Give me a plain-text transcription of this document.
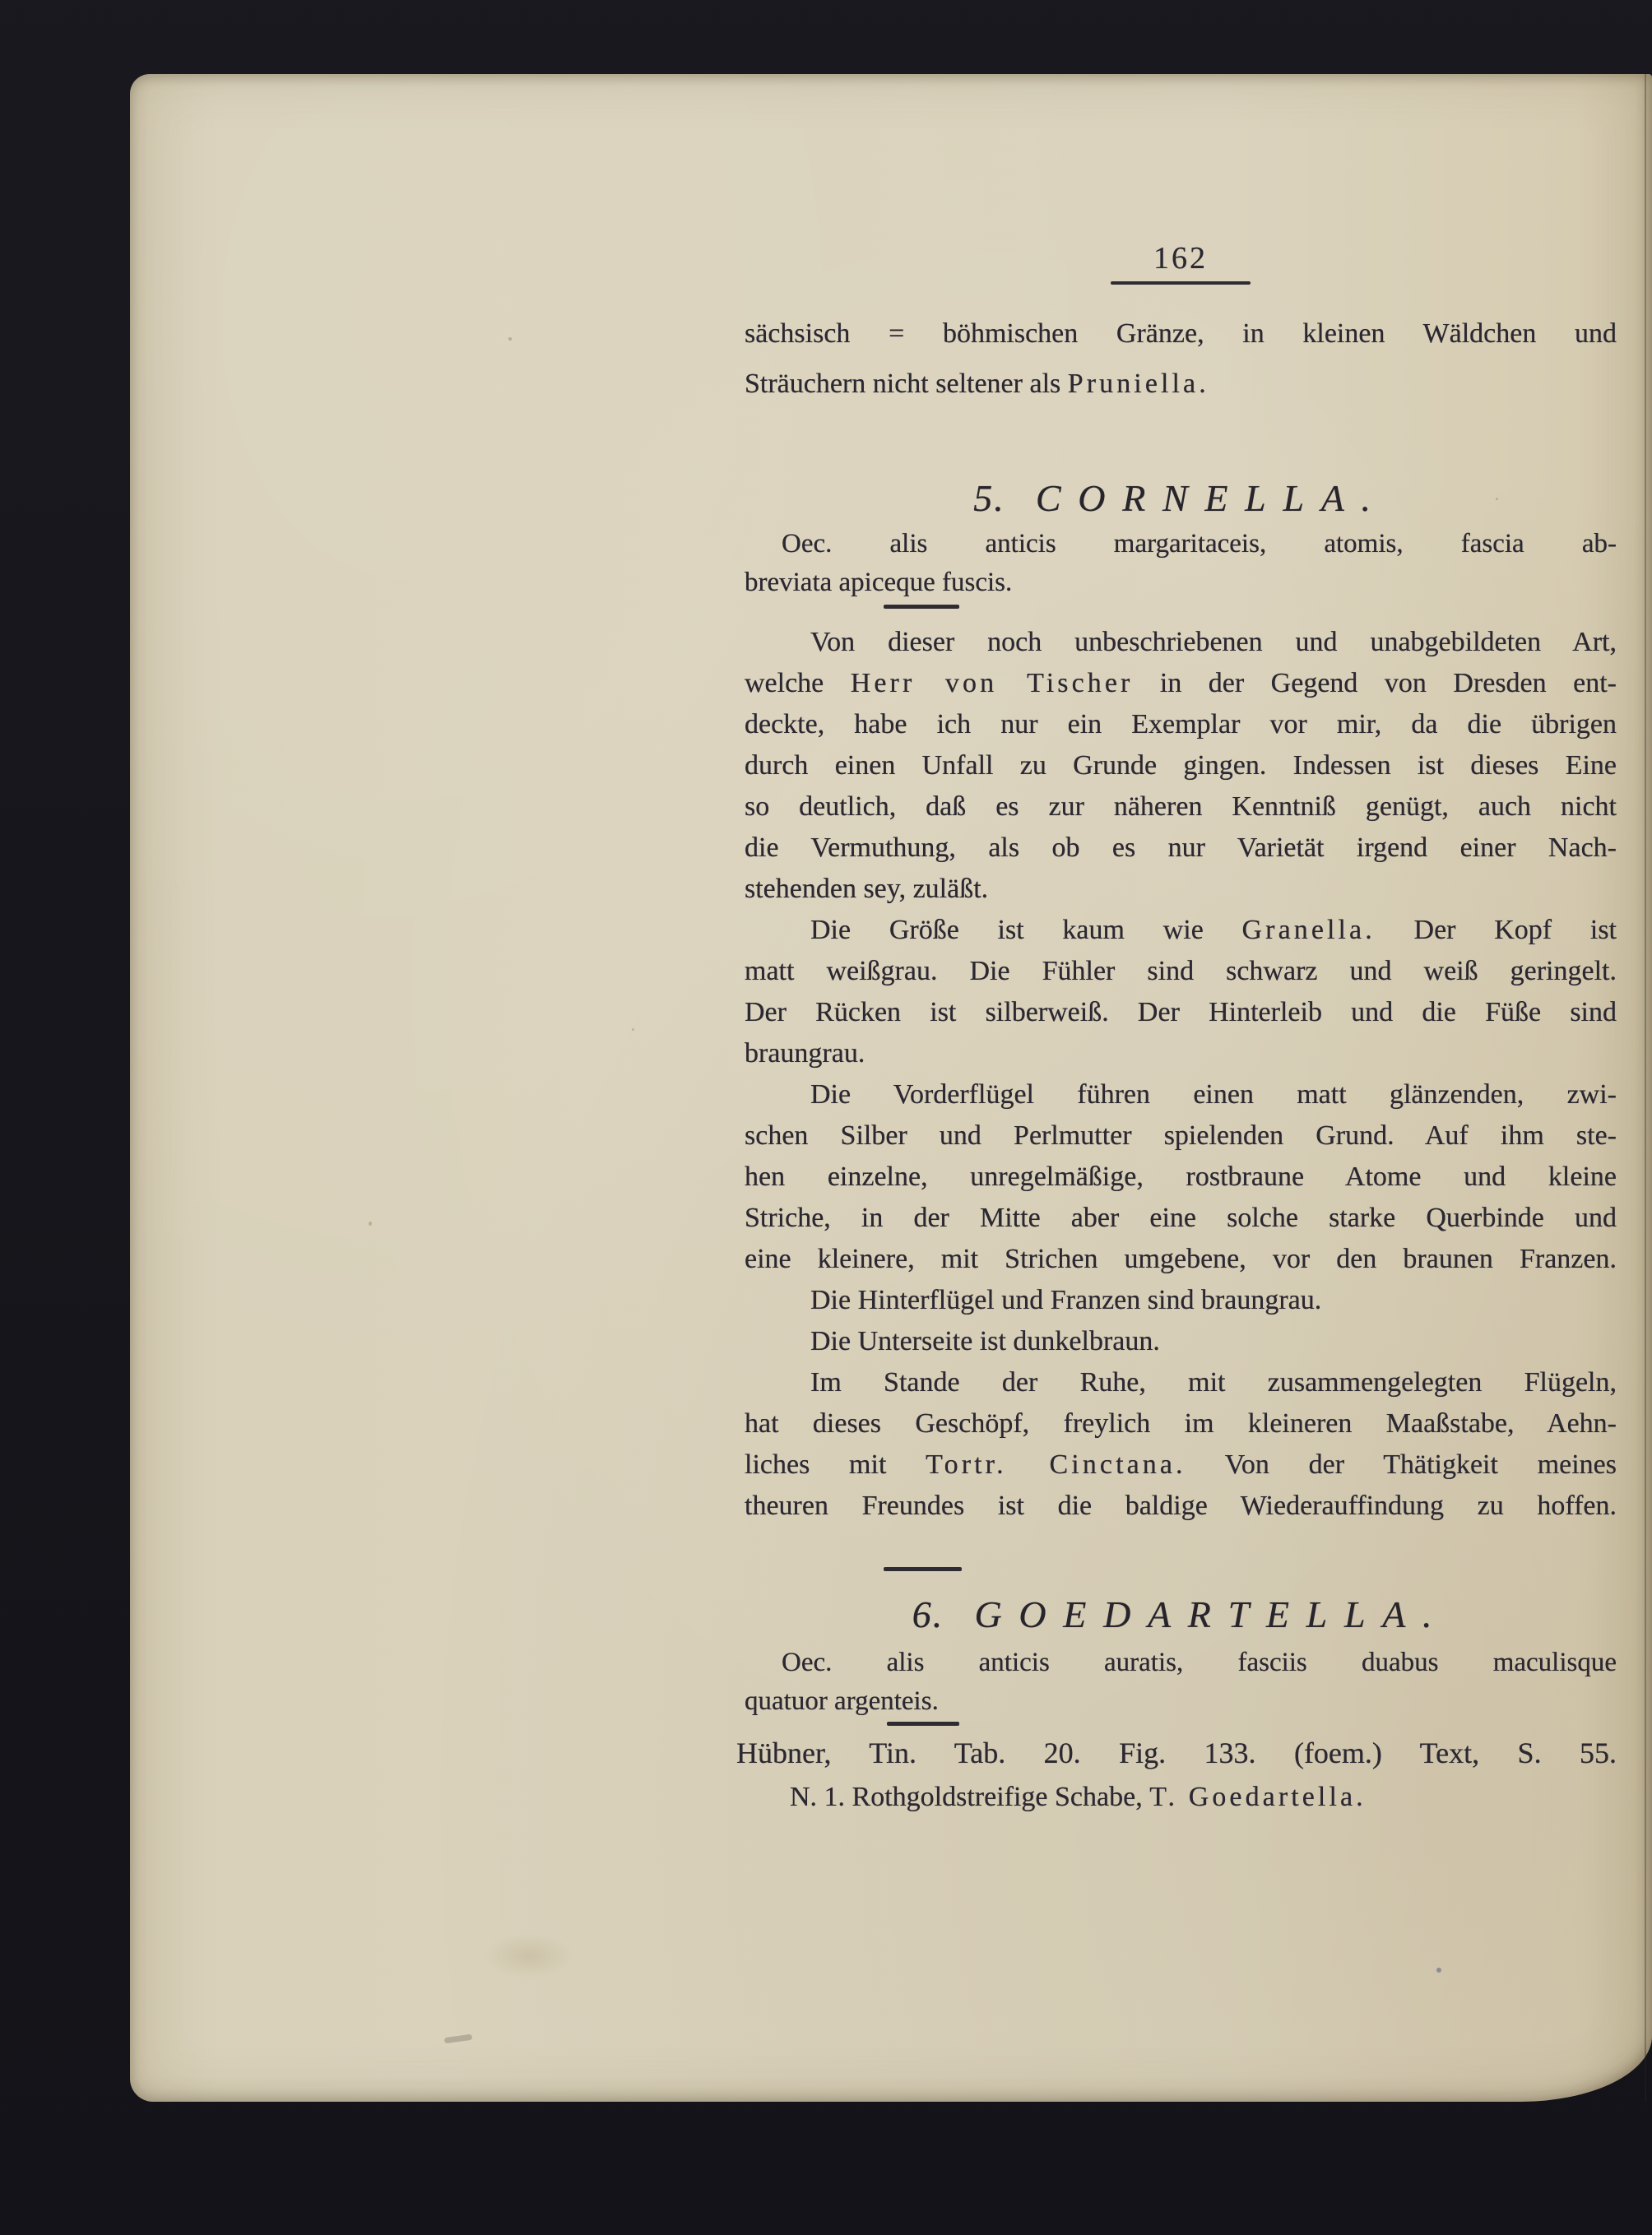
162
sächsisch = böhmischen Gränze, in kleinen Wäldchen und
Sträuchern nicht seltener als Pruniella.
5. CORNELLA.
Oec. alis anticis margaritaceis, atomis, fascia ab-
breviata apiceque fuscis.
Von dieser noch unbeschriebenen und unabgebildeten Art,
welche Herr von Tischer in der Gegend von Dresden ent-
deckte, habe ich nur ein Exemplar vor mir, da die übrigen
durch einen Unfall zu Grunde gingen. Indessen ist dieses Eine
so deutlich, daß es zur näheren Kenntniß genügt, auch nicht
die Vermuthung, als ob es nur Varietät irgend einer Nach-
stehenden sey, zuläßt.
Die Größe ist kaum wie Granella. Der Kopf ist
matt weißgrau. Die Fühler sind schwarz und weiß geringelt.
Der Rücken ist silberweiß. Der Hinterleib und die Füße sind
braungrau.
Die Vorderflügel führen einen matt glänzenden, zwi-
schen Silber und Perlmutter spielenden Grund. Auf ihm ste-
hen einzelne, unregelmäßige, rostbraune Atome und kleine
Striche, in der Mitte aber eine solche starke Querbinde und
eine kleinere, mit Strichen umgebene, vor den braunen Franzen.
Die Hinterflügel und Franzen sind braungrau.
Die Unterseite ist dunkelbraun.
Im Stande der Ruhe, mit zusammengelegten Flügeln,
hat dieses Geschöpf, freylich im kleineren Maaßstabe, Aehn-
liches mit Tortr. Cinctana. Von der Thätigkeit meines
theuren Freundes ist die baldige Wiederauffindung zu hoffen.
6. GOEDARTELLA.
Oec. alis anticis auratis, fasciis duabus maculisque
quatuor argenteis.
Hübner, Tin. Tab. 20. Fig. 133. (foem.) Text, S. 55.
N. 1. Rothgoldstreifige Schabe, T. Goedartella.
